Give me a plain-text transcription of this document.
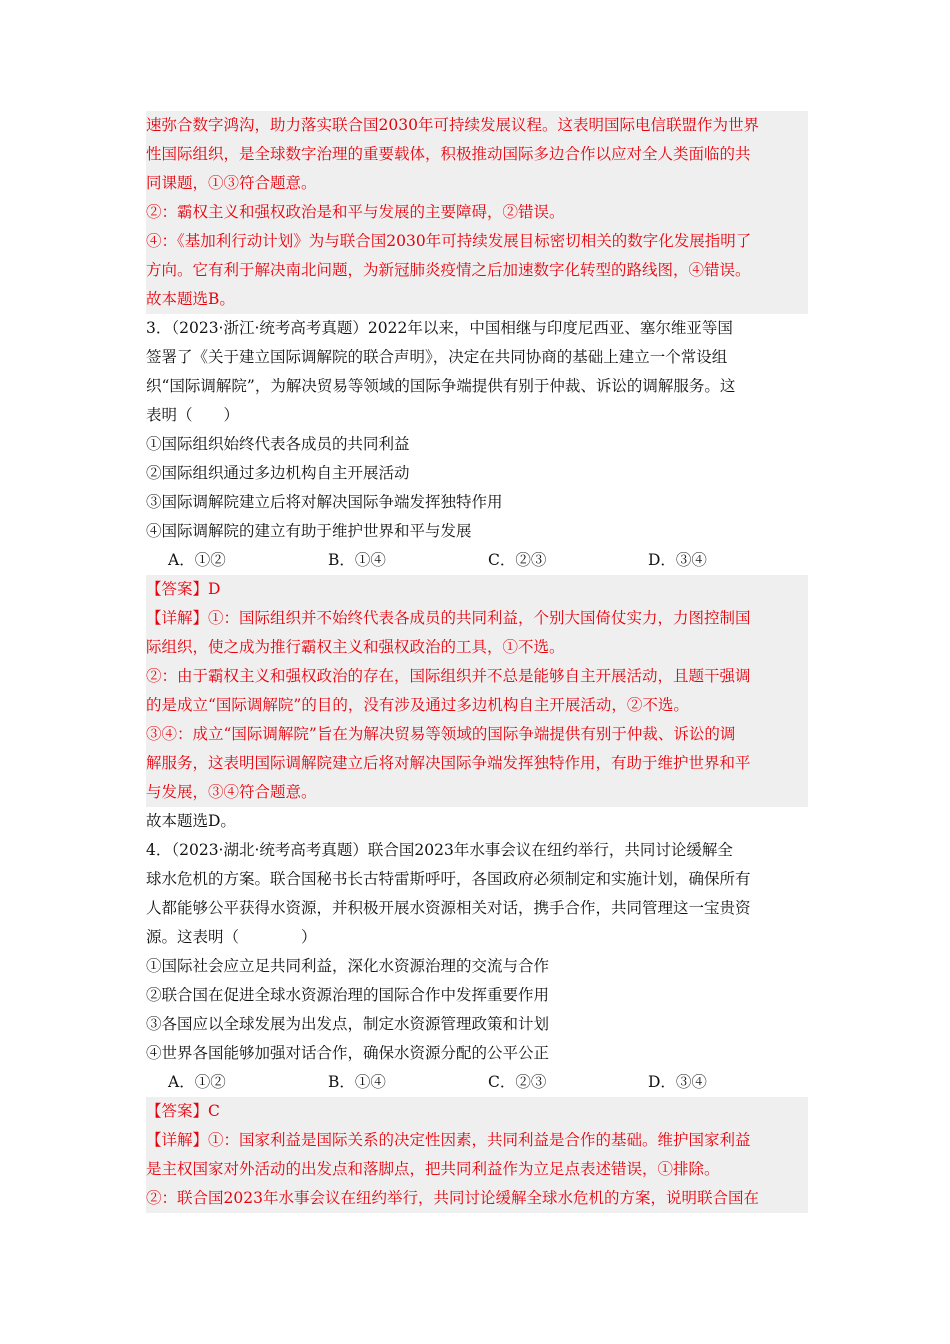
速弥合数字鸿沟，助力落实联合国2030年可持续发展议程。这表明国际电信联盟作为世界
性国际组织，是全球数字治理的重要载体，积极推动国际多边合作以应对全人类面临的共
同课题，①③符合题意。
②：霸权主义和强权政治是和平与发展的主要障碍，②错误。
④：《基加利行动计划》为与联合国2030年可持续发展目标密切相关的数字化发展指明了
方向。它有利于解决南北问题，为新冠肺炎疫情之后加速数字化转型的路线图，④错误。
故本题选B。
3．（2023·浙江·统考高考真题）2022年以来，中国相继与印度尼西亚、塞尔维亚等国
签署了《关于建立国际调解院的联合声明》，决定在共同协商的基础上建立一个常设组
织“国际调解院”，为解决贸易等领域的国际争端提供有别于仲裁、诉讼的调解服务。这
表明（　　）
①国际组织始终代表各成员的共同利益
②国际组织通过多边机构自主开展活动
③国际调解院建立后将对解决国际争端发挥独特作用
④国际调解院的建立有助于维护世界和平与发展
A．①②	B．①④	C．②③	D．③④
【答案】D
【详解】①：国际组织并不始终代表各成员的共同利益，个别大国倚仗实力，力图控制国
际组织，使之成为推行霸权主义和强权政治的工具，①不选。
②：由于霸权主义和强权政治的存在，国际组织并不总是能够自主开展活动，且题干强调
的是成立“国际调解院”的目的，没有涉及通过多边机构自主开展活动，②不选。
③④：成立“国际调解院”旨在为解决贸易等领域的国际争端提供有别于仲裁、诉讼的调
解服务，这表明国际调解院建立后将对解决国际争端发挥独特作用，有助于维护世界和平
与发展，③④符合题意。
故本题选D。
4．（2023·湖北·统考高考真题）联合国2023年水事会议在纽约举行，共同讨论缓解全
球水危机的方案。联合国秘书长古特雷斯呼吁，各国政府必须制定和实施计划，确保所有
人都能够公平获得水资源，并积极开展水资源相关对话，携手合作，共同管理这一宝贵资
源。这表明（　　　　）
①国际社会应立足共同利益，深化水资源治理的交流与合作
②联合国在促进全球水资源治理的国际合作中发挥重要作用
③各国应以全球发展为出发点，制定水资源管理政策和计划
④世界各国能够加强对话合作，确保水资源分配的公平公正
A．①②	B．①④	C．②③	D．③④
【答案】C
【详解】①：国家利益是国际关系的决定性因素，共同利益是合作的基础。维护国家利益
是主权国家对外活动的出发点和落脚点，把共同利益作为立足点表述错误，①排除。
②：联合国2023年水事会议在纽约举行，共同讨论缓解全球水危机的方案，说明联合国在
